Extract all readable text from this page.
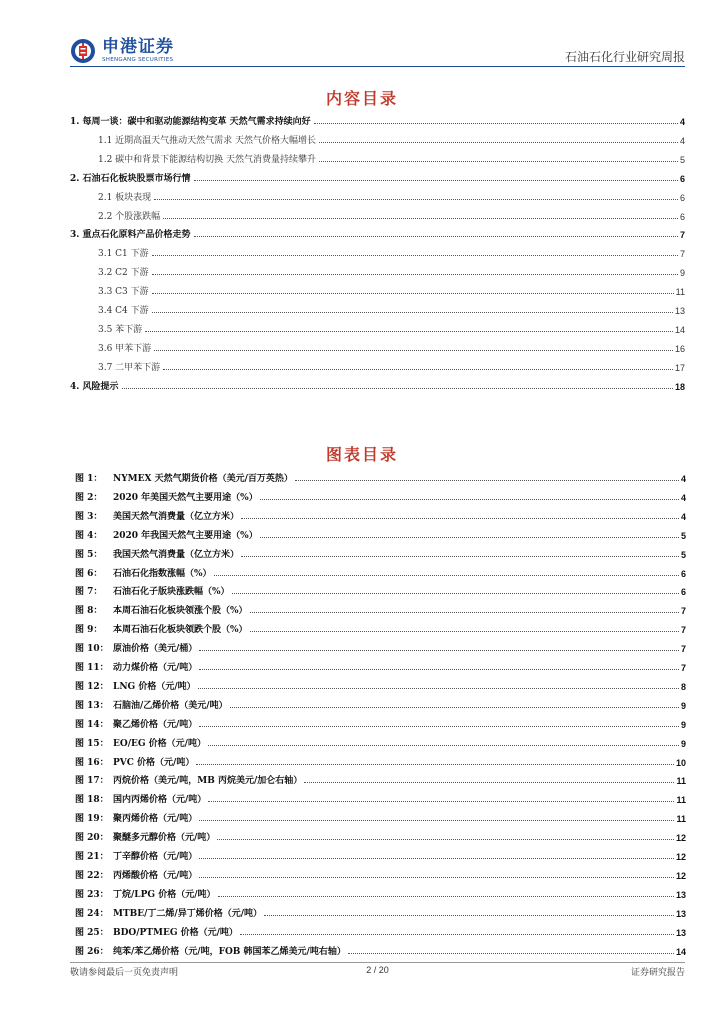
申港证券
SHENGANG SECURITIES	石油石化行业研究周报
内容目录
1. 每周一谈：碳中和驱动能源结构变革 天然气需求持续向好	4
1.1 近期高温天气推动天然气需求 天然气价格大幅增长	4
1.2 碳中和背景下能源结构切换 天然气消费量持续攀升	5
2. 石油石化板块股票市场行情	6
2.1 板块表现	6
2.2 个股涨跌幅	6
3. 重点石化原料产品价格走势	7
3.1 C1 下游	7
3.2 C2 下游	9
3.3 C3 下游	11
3.4 C4 下游	13
3.5 苯下游	14
3.6 甲苯下游	16
3.7 二甲苯下游	17
4. 风险提示	18
图表目录
图 1：	NYMEX 天然气期货价格（美元/百万英热）	4
图 2：	2020 年美国天然气主要用途（%）	4
图 3：	美国天然气消费量（亿立方米）	4
图 4：	2020 年我国天然气主要用途（%）	5
图 5：	我国天然气消费量（亿立方米）	5
图 6：	石油石化指数涨幅（%）	6
图 7：	石油石化子版块涨跌幅（%）	6
图 8：	本周石油石化板块领涨个股（%）	7
图 9：	本周石油石化板块领跌个股（%）	7
图 10： 原油价格（美元/桶）	7
图 11： 动力煤价格（元/吨）	7
图 12： LNG 价格（元/吨）	8
图 13： 石脑油/乙烯价格（美元/吨）	9
图 14： 聚乙烯价格（元/吨）	9
图 15： EO/EG 价格（元/吨）	9
图 16： PVC 价格（元/吨）	10
图 17： 丙烷价格（美元/吨，MB 丙烷美元/加仑右轴）	11
图 18： 国内丙烯价格（元/吨）	11
图 19： 聚丙烯价格（元/吨）	11
图 20： 聚醚多元醇价格（元/吨）	12
图 21： 丁辛醇价格（元/吨）	12
图 22： 丙烯酸价格（元/吨）	12
图 23： 丁烷/LPG 价格（元/吨）	13
图 24： MTBE/丁二烯/异丁烯价格（元/吨）	13
图 25： BDO/PTMEG 价格（元/吨）	13
图 26： 纯苯/苯乙烯价格（元/吨，FOB 韩国苯乙烯美元/吨右轴）	14
敬请参阅最后一页免责声明	2 / 20	证券研究报告
